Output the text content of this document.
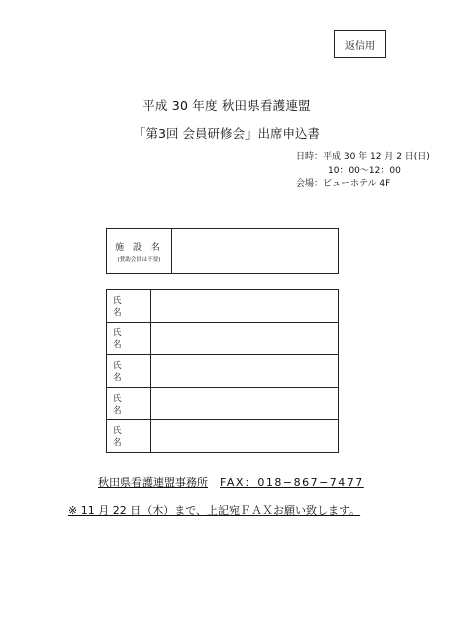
返信用
平成 30 年度 秋田県看護連盟
「第3回 会員研修会」出席申込書
日時：平成 30 年 12 月 2 日(日)
10：00～12：00
会場：ビューホテル 4F
施 設 名
(賛助会員は不要)
氏 名
氏 名
氏 名
氏 名
氏 名
秋田県看護連盟事務所 FAX：018−867−7477
※ 11 月 22 日（木）まで、上記宛ＦＡＸお願い致します。
